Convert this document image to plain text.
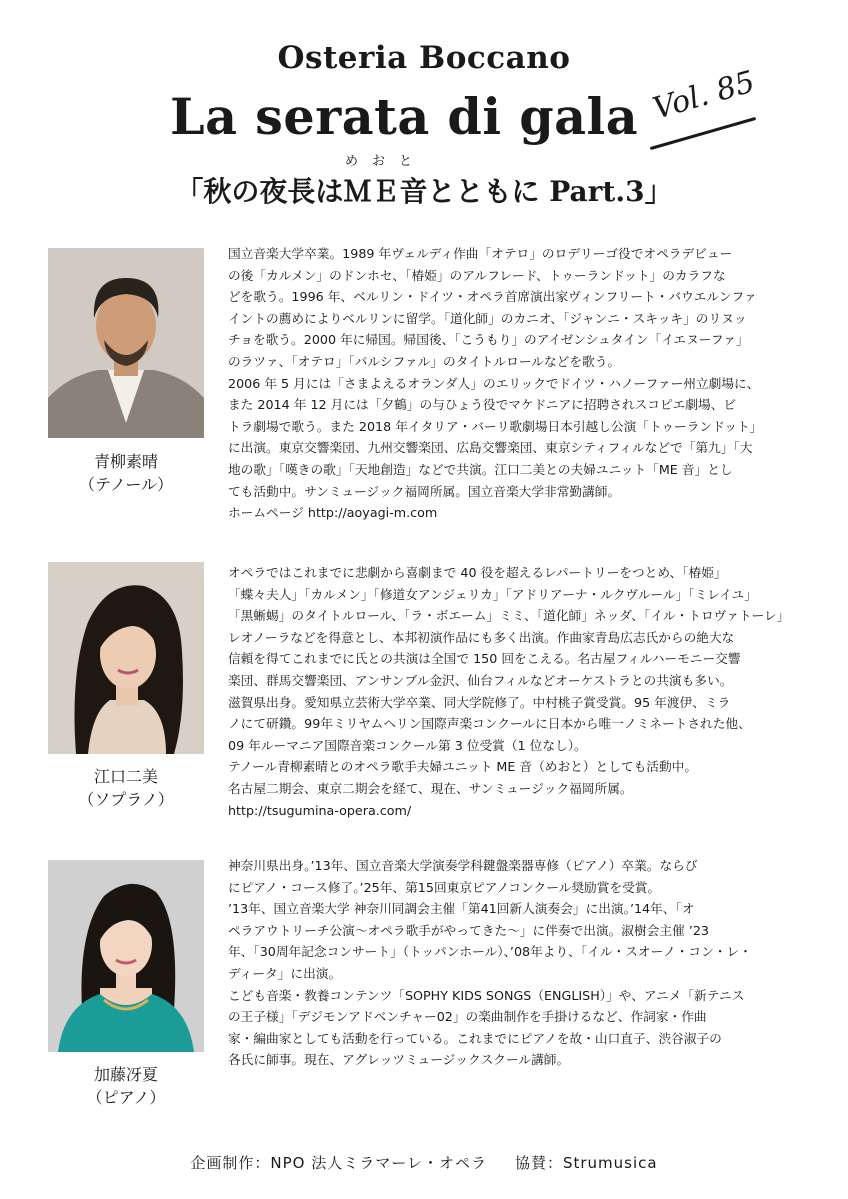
Osteria Boccano
La serata di gala Vol. 85
「秋の夜長は
めおと
ＭＥ音とともに Part.3」
青柳素晴
（テノール）

国立音楽大学卒業。1989 年ヴェルディ作曲「オテロ」のロデリーゴ役でオペラデビュー

の後「カルメン」のドンホセ、「椿姫」のアルフレード、トゥーランドット」のカラフな

どを歌う。1996 年、ベルリン・ドイツ・オペラ首席演出家ヴィンフリート・バウエルンファ

イントの薦めによりベルリンに留学。「道化師」のカニオ、「ジャンニ・スキッキ」のリヌッ

チョを歌う。2000 年に帰国。帰国後、「こうもり」のアイゼンシュタイン「イエヌーファ」

のラツァ、「オテロ」「パルシファル」のタイトルロールなどを歌う。

2006 年 5 月には「さまよえるオランダ人」のエリックでドイツ・ハノーファー州立劇場に、

また 2014 年 12 月には「夕鶴」の与ひょう役でマケドニアに招聘されスコピエ劇場、ビ

トラ劇場で歌う。また 2018 年イタリア・バーリ歌劇場日本引越し公演「トゥーランドット」

に出演。東京交響楽団、九州交響楽団、広島交響楽団、東京シティフィルなどで「第九」「大

地の歌」「嘆きの歌」「天地創造」などで共演。江口二美との夫婦ユニット「ME 音」とし

ても活動中。サンミュージック福岡所属。国立音楽大学非常勤講師。

ホームページ http://aoyagi-m.com

江口二美
（ソプラノ）

オペラではこれまでに悲劇から喜劇まで 40 役を超えるレパートリーをつとめ、「椿姫」

「蝶々夫人」「カルメン」「修道女アンジェリカ」「アドリアーナ・ルクヴルール」「ミレイユ」

「黒蜥蜴」のタイトルロール、「ラ・ボエーム」ミミ、「道化師」ネッダ、「イル・トロヴァトーレ」

レオノーラなどを得意とし、本邦初演作品にも多く出演。作曲家青島広志氏からの絶大な

信頼を得てこれまでに氏との共演は全国で 150 回をこえる。名古屋フィルハーモニー交響

楽団、群馬交響楽団、アンサンブル金沢、仙台フィルなどオーケストラとの共演も多い。

滋賀県出身。愛知県立芸術大学卒業、同大学院修了。中村桃子賞受賞。95 年渡伊、ミラ

ノにて研鑽。99年ミリヤムヘリン国際声楽コンクールに日本から唯一ノミネートされた他、

09 年ルーマニア国際音楽コンクール第 3 位受賞（1 位なし）。

テノール青柳素晴とのオペラ歌手夫婦ユニット ME 音（めおと）としても活動中。

名古屋二期会、東京二期会を経て、現在、サンミュージック福岡所属。

http://tsugumina-opera.com/

加藤冴夏
（ピアノ）

神奈川県出身。’13年、国立音楽大学演奏学科鍵盤楽器専修（ピアノ）卒業。ならび

にピアノ・コース修了。’25年、第15回東京ピアノコンクール奨励賞を受賞。

’13年、国立音楽大学 神奈川同調会主催「第41回新人演奏会」に出演。’14年、「オ

ペラアウトリーチ公演～オペラ歌手がやってきた～」に伴奏で出演。淑樹会主催 ’23

年、「30周年記念コンサート」（トッパンホール）、’08年より、「イル・スオーノ・コン・レ・

ディータ」に出演。

こども音楽・教養コンテンツ「SOPHY KIDS SONGS（ENGLISH）」や、アニメ「新テニス

の王子様」「デジモンアドベンチャー02」の楽曲制作を手掛けるなど、作詞家・作曲

家・編曲家としても活動を行っている。これまでにピアノを故・山口直子、渋谷淑子の

各氏に師事。現在、アグレッツミュージックスクール講師。

企画制作：NPO 法人ミラマーレ・オペラ 協賛：Strumusica
